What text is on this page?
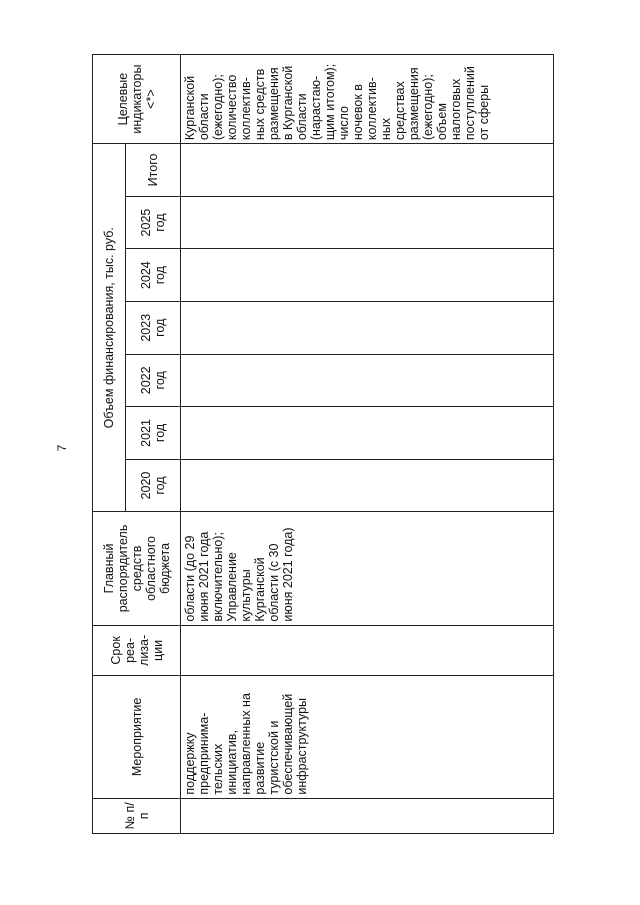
7
№ п/п	Мероприятие	Срок реа-лиза-ции	Главный распорядитель средств областного бюджета	Объем финансирования, тыс. руб.							Целевые индикаторы <*>
				2020 год	2021 год	2022 год	2023 год	2024 год	2025 год	Итого	
	поддержку предпринима-тельских инициатив, направленных на развитие туристской и обеспечивающей инфраструктуры		области (до 29 июня 2021 года включительно); Управление культуры Курганской области (с 30 июня 2021 года)								Курганской области (ежегодно); количество коллектив-ных средств размещения в Курганской области (нарастаю-щим итогом); число ночевок в коллектив-ных средствах размещения (ежегодно); объем налоговых поступлений от сферы
